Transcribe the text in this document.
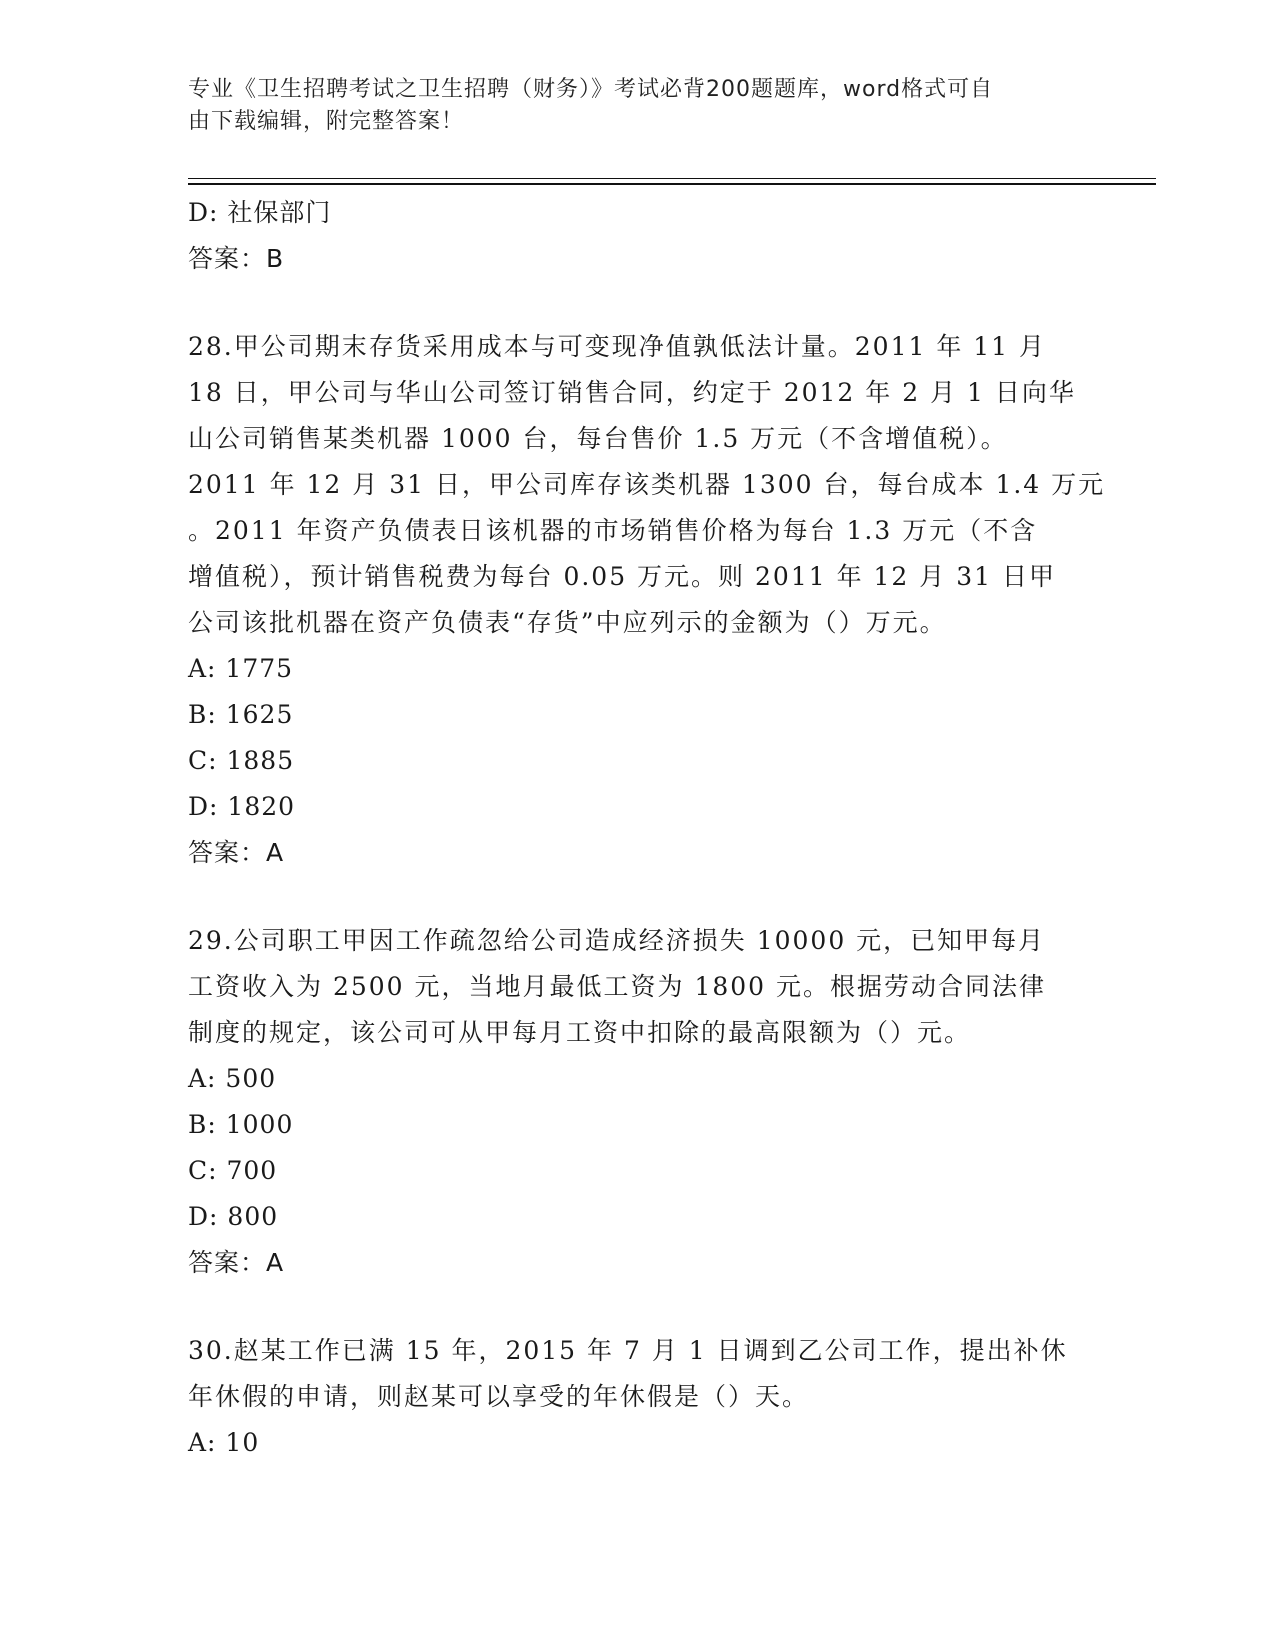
专业《卫生招聘考试之卫生招聘（财务）》考试必背200题题库，word格式可自
由下载编辑，附完整答案！
D: 社保部门
答案：B
28.甲公司期末存货采用成本与可变现净值孰低法计量。2011 年 11 月
18 日，甲公司与华山公司签订销售合同，约定于 2012 年 2 月 1 日向华
山公司销售某类机器 1000 台，每台售价 1.5 万元（不含增值税）。
2011 年 12 月 31 日，甲公司库存该类机器 1300 台，每台成本 1.4 万元
。2011 年资产负债表日该机器的市场销售价格为每台 1.3 万元（不含
增值税），预计销售税费为每台 0.05 万元。则 2011 年 12 月 31 日甲
公司该批机器在资产负债表“存货”中应列示的金额为（）万元。
A: 1775
B: 1625
C: 1885
D: 1820
答案：A
29.公司职工甲因工作疏忽给公司造成经济损失 10000 元，已知甲每月
工资收入为 2500 元，当地月最低工资为 1800 元。根据劳动合同法律
制度的规定，该公司可从甲每月工资中扣除的最高限额为（）元。
A: 500
B: 1000
C: 700
D: 800
答案：A
30.赵某工作已满 15 年，2015 年 7 月 1 日调到乙公司工作，提出补休
年休假的申请，则赵某可以享受的年休假是（）天。
A: 10
